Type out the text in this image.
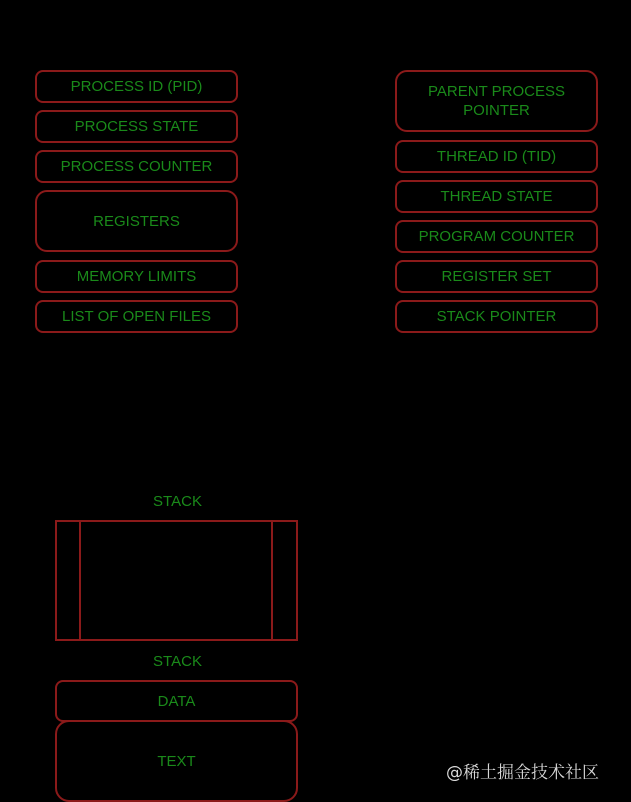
PROCESS ID (PID)
PROCESS STATE
PROCESS COUNTER
REGISTERS
MEMORY LIMITS
LIST OF OPEN FILES
PARENT PROCESS POINTER
THREAD ID (TID)
THREAD STATE
PROGRAM COUNTER
REGISTER SET
STACK POINTER
STACK
STACK
DATA
TEXT
@稀土掘金技术社区
